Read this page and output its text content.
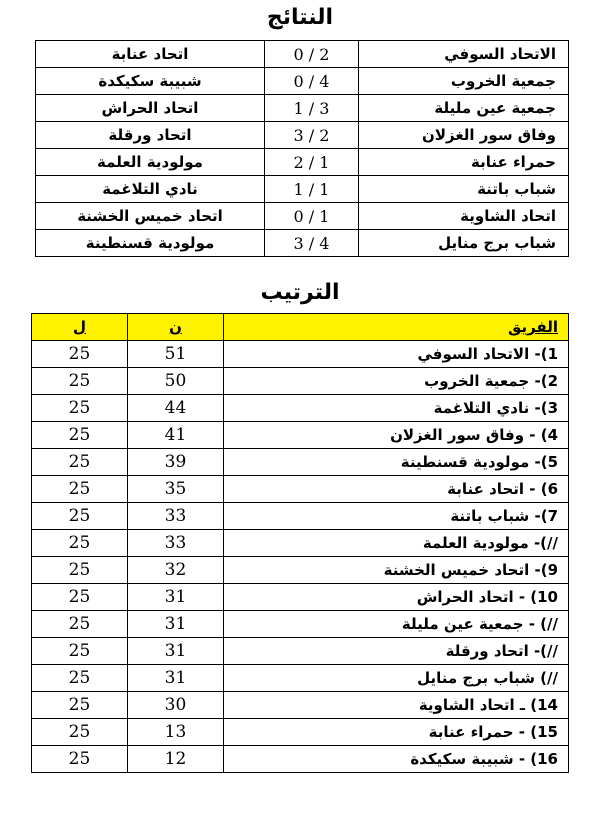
النتائج
اتحاد عنابة	0 / 2	الاتحاد السوفي
شبيبة سكيكدة	0 / 4	جمعية الخروب
اتحاد الحراش	1 / 3	جمعية عين مليلة
اتحاد ورقلة	3 / 2	وفاق سور الغزلان
مولودية العلمة	2 / 1	حمراء عنابة
نادي التلاغمة	1 / 1	شباب باتنة
اتحاد خميس الخشنة	0 / 1	اتحاد الشاوية
مولودية قسنطينة	3 / 4	شباب برج منايل
الترتيب
ل	ن	الفريق
25	51	1)- الاتحاد السوفي
25	50	2)- جمعية الخروب
25	44	3)- نادي التلاغمة
25	41	4) - وفاق سور الغزلان
25	39	5)- مولودية قسنطينة
25	35	6) - اتحاد عنابة
25	33	7)- شباب باتنة
25	33	//)- مولودية العلمة
25	32	9)- اتحاد خميس الخشنة
25	31	10) - اتحاد الحراش
25	31	//) - جمعية عين مليلة
25	31	//)- اتحاد ورقلة
25	31	//) شباب برج منايل
25	30	14) ـ اتحاد الشاوية
25	13	15) - حمراء عنابة
25	12	16) - شبيبة سكيكدة
